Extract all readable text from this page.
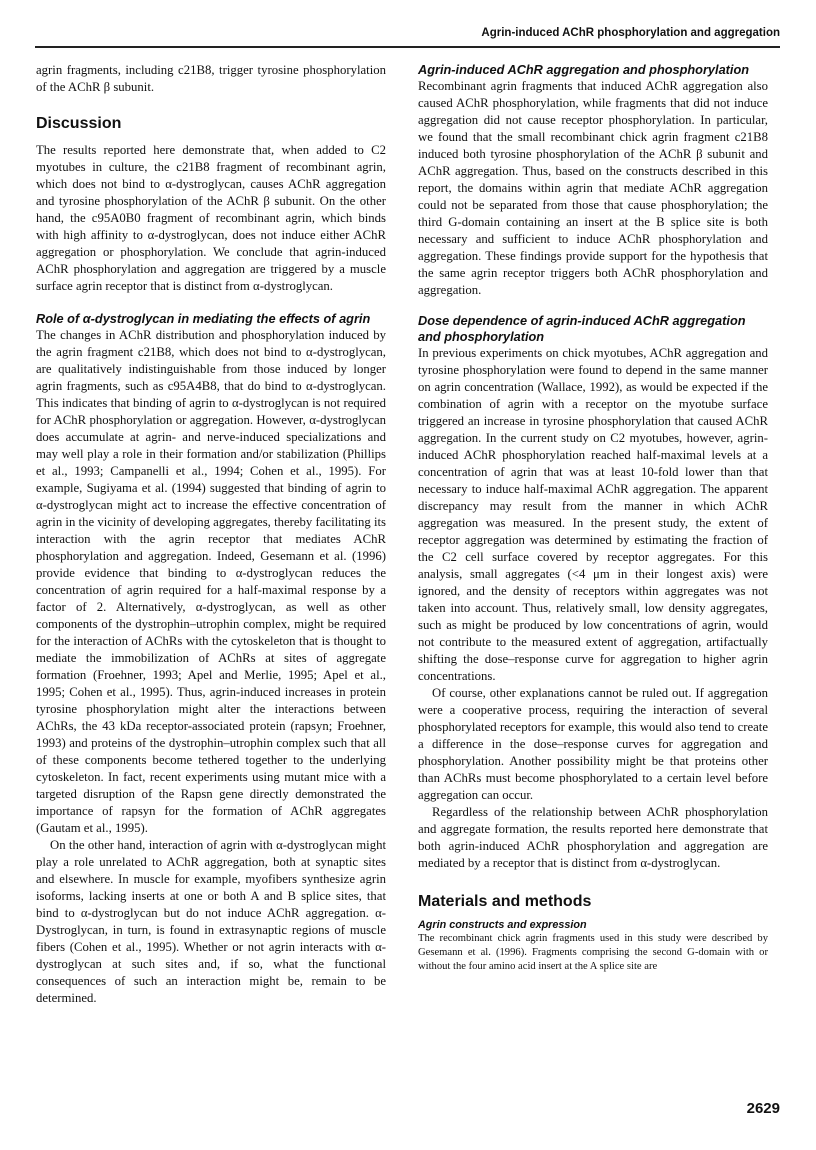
Agrin-induced AChR phosphorylation and aggregation

agrin fragments, including c21B8, trigger tyrosine phosphorylation of the AChR β subunit.

Discussion

The results reported here demonstrate that, when added to C2 myotubes in culture, the c21B8 fragment of recombinant agrin, which does not bind to α-dystroglycan, causes AChR aggregation and tyrosine phosphorylation of the AChR β subunit. On the other hand, the c95A0B0 fragment of recombinant agrin, which binds with high affinity to α-dystroglycan, does not induce either AChR aggregation or phosphorylation. We conclude that agrin-induced AChR phosphorylation and aggregation are triggered by a muscle surface agrin receptor that is distinct from α-dystroglycan.

Role of α-dystroglycan in mediating the effects of agrin

The changes in AChR distribution and phosphorylation induced by the agrin fragment c21B8, which does not bind to α-dystroglycan, are qualitatively indistinguishable from those induced by longer agrin fragments, such as c95A4B8, that do bind to α-dystroglycan. This indicates that binding of agrin to α-dystroglycan is not required for AChR phosphorylation or aggregation. However, α-dystroglycan does accumulate at agrin- and nerve-induced specializations and may well play a role in their formation and/or stabilization (Phillips et al., 1993; Campanelli et al., 1994; Cohen et al., 1995). For example, Sugiyama et al. (1994) suggested that binding of agrin to α-dystroglycan might act to increase the effective concentration of agrin in the vicinity of developing aggregates, thereby facilitating its interaction with the agrin receptor that mediates AChR phosphorylation and aggregation. Indeed, Gesemann et al. (1996) provide evidence that binding to α-dystroglycan reduces the concentration of agrin required for a half-maximal response by a factor of 2. Alternatively, α-dystroglycan, as well as other components of the dystrophin–utrophin complex, might be required for the interaction of AChRs with the cytoskeleton that is thought to mediate the immobilization of AChRs at sites of aggregate formation (Froehner, 1993; Apel and Merlie, 1995; Apel et al., 1995; Cohen et al., 1995). Thus, agrin-induced increases in protein tyrosine phosphorylation might alter the interactions between AChRs, the 43 kDa receptor-associated protein (rapsyn; Froehner, 1993) and proteins of the dystrophin–utrophin complex such that all of these components become tethered together to the underlying cytoskeleton. In fact, recent experiments using mutant mice with a targeted disruption of the Rapsn gene directly demonstrated the importance of rapsyn for the formation of AChR aggregates (Gautam et al., 1995).

On the other hand, interaction of agrin with α-dystroglycan might play a role unrelated to AChR aggregation, both at synaptic sites and elsewhere. In muscle for example, myofibers synthesize agrin isoforms, lacking inserts at one or both A and B splice sites, that bind to α-dystroglycan but do not induce AChR aggregation. α-Dystroglycan, in turn, is found in extrasynaptic regions of muscle fibers (Cohen et al., 1995). Whether or not agrin interacts with α-dystroglycan at such sites and, if so, what the functional consequences of such an interaction might be, remain to be determined.

Agrin-induced AChR aggregation and phosphorylation

Recombinant agrin fragments that induced AChR aggregation also caused AChR phosphorylation, while fragments that did not induce aggregation did not cause receptor phosphorylation. In particular, we found that the small recombinant chick agrin fragment c21B8 induced both tyrosine phosphorylation of the AChR β subunit and AChR aggregation. Thus, based on the constructs described in this report, the domains within agrin that mediate AChR aggregation could not be separated from those that cause phosphorylation; the third G-domain containing an insert at the B splice site is both necessary and sufficient to induce AChR phosphorylation and aggregation. These findings provide support for the hypothesis that the same agrin receptor triggers both AChR phosphorylation and aggregation.

Dose dependence of agrin-induced AChR aggregation and phosphorylation

In previous experiments on chick myotubes, AChR aggregation and tyrosine phosphorylation were found to depend in the same manner on agrin concentration (Wallace, 1992), as would be expected if the combination of agrin with a receptor on the myotube surface triggered an increase in tyrosine phosphorylation that caused AChR aggregation. In the current study on C2 myotubes, however, agrin-induced AChR phosphorylation reached half-maximal levels at a concentration of agrin that was at least 10-fold lower than that necessary to induce half-maximal AChR aggregation. The apparent discrepancy may result from the manner in which AChR aggregation was measured. In the present study, the extent of receptor aggregation was determined by estimating the fraction of the C2 cell surface covered by receptor aggregates. For this analysis, small aggregates (<4 μm in their longest axis) were ignored, and the density of receptors within aggregates was not taken into account. Thus, relatively small, low density aggregates, such as might be produced by low concentrations of agrin, would not contribute to the measured extent of aggregation, artifactually shifting the dose–response curve for aggregation to higher agrin concentrations.

Of course, other explanations cannot be ruled out. If aggregation were a cooperative process, requiring the interaction of several phosphorylated receptors for example, this would also tend to create a difference in the dose–response curves for aggregation and phosphorylation. Another possibility might be that proteins other than AChRs must become phosphorylated to a certain level before aggregation can occur.

Regardless of the relationship between AChR phosphorylation and aggregate formation, the results reported here demonstrate that both agrin-induced AChR phosphorylation and aggregation are mediated by a receptor that is distinct from α-dystroglycan.

Materials and methods
Agrin constructs and expression

The recombinant chick agrin fragments used in this study were described by Gesemann et al. (1996). Fragments comprising the second G-domain with or without the four amino acid insert at the A splice site are

2629
